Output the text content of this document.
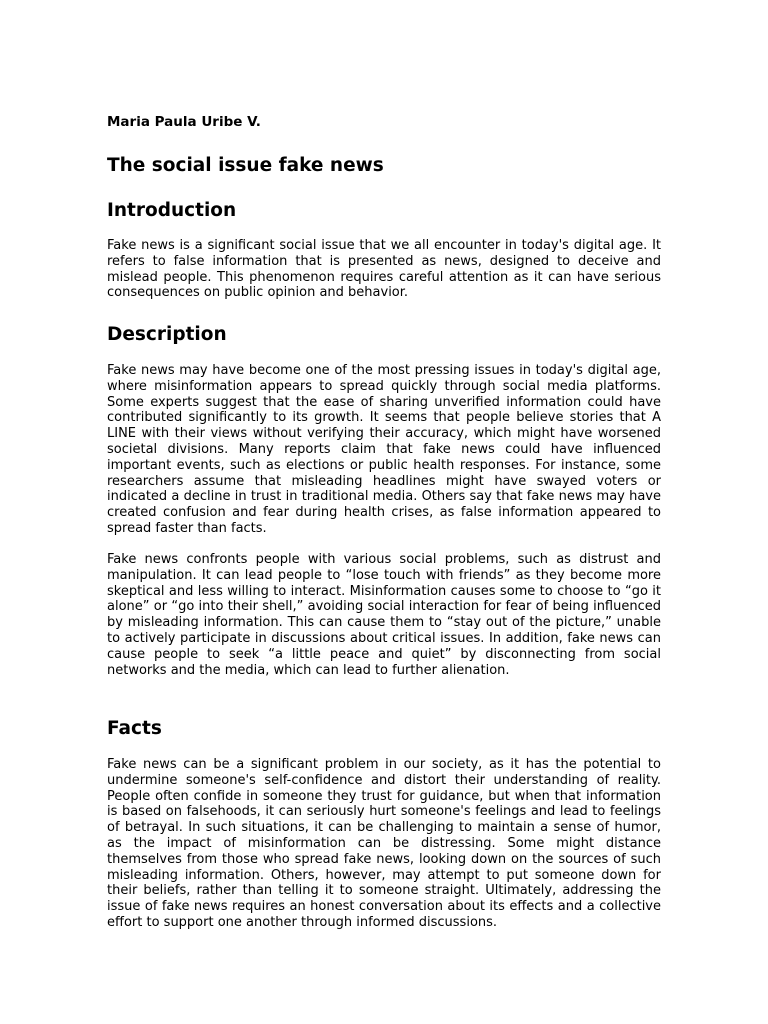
Maria Paula Uribe V.
The social issue fake news
Introduction

Fake news is a significant social issue that we all encounter in today's digital age. It refers to false information that is presented as news, designed to deceive and mislead people. This phenomenon requires careful attention as it can have serious consequences on public opinion and behavior.

Description

Fake news may have become one of the most pressing issues in today's digital age, where misinformation appears to spread quickly through social media platforms. Some experts suggest that the ease of sharing unverified information could have contributed significantly to its growth. It seems that people believe stories that A LINE with their views without verifying their accuracy, which might have worsened societal divisions. Many reports claim that fake news could have influenced important events, such as elections or public health responses. For instance, some researchers assume that misleading headlines might have swayed voters or indicated a decline in trust in traditional media. Others say that fake news may have created confusion and fear during health crises, as false information appeared to spread faster than facts.

Fake news confronts people with various social problems, such as distrust and manipulation. It can lead people to “lose touch with friends” as they become more skeptical and less willing to interact. Misinformation causes some to choose to “go it alone” or “go into their shell,” avoiding social interaction for fear of being influenced by misleading information. This can cause them to “stay out of the picture,” unable to actively participate in discussions about critical issues. In addition, fake news can cause people to seek “a little peace and quiet” by disconnecting from social networks and the media, which can lead to further alienation.

Facts

Fake news can be a significant problem in our society, as it has the potential to undermine someone's self-confidence and distort their understanding of reality. People often confide in someone they trust for guidance, but when that information is based on falsehoods, it can seriously hurt someone's feelings and lead to feelings of betrayal. In such situations, it can be challenging to maintain a sense of humor, as the impact of misinformation can be distressing. Some might distance themselves from those who spread fake news, looking down on the sources of such misleading information. Others, however, may attempt to put someone down for their beliefs, rather than telling it to someone straight. Ultimately, addressing the issue of fake news requires an honest conversation about its effects and a collective effort to support one another through informed discussions.
